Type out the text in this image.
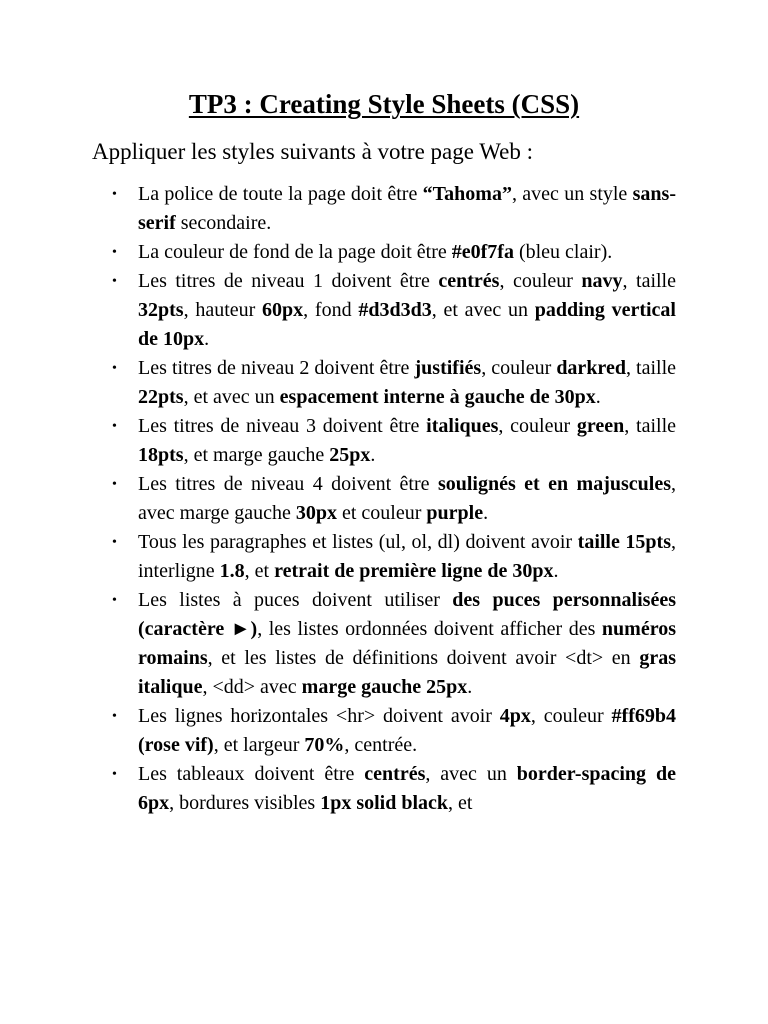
TP3 : Creating Style Sheets (CSS)

Appliquer les styles suivants à votre page Web :

• La police de toute la page doit être “Tahoma”, avec un style sans-serif secondaire.
• La couleur de fond de la page doit être #e0f7fa (bleu clair).
• Les titres de niveau 1 doivent être centrés, couleur navy, taille 32pts, hauteur 60px, fond #d3d3d3, et avec un padding vertical de 10px.
• Les titres de niveau 2 doivent être justifiés, couleur darkred, taille 22pts, et avec un espacement interne à gauche de 30px.
• Les titres de niveau 3 doivent être italiques, couleur green, taille 18pts, et marge gauche 25px.
• Les titres de niveau 4 doivent être soulignés et en majuscules, avec marge gauche 30px et couleur purple.
• Tous les paragraphes et listes (ul, ol, dl) doivent avoir taille 15pts, interligne 1.8, et retrait de première ligne de 30px.
• Les listes à puces doivent utiliser des puces personnalisées (caractère ►), les listes ordonnées doivent afficher des numéros romains, et les listes de définitions doivent avoir <dt> en gras italique, <dd> avec marge gauche 25px.
• Les lignes horizontales <hr> doivent avoir 4px, couleur #ff69b4 (rose vif), et largeur 70%, centrée.
• Les tableaux doivent être centrés, avec un border-spacing de 6px, bordures visibles 1px solid black, et
